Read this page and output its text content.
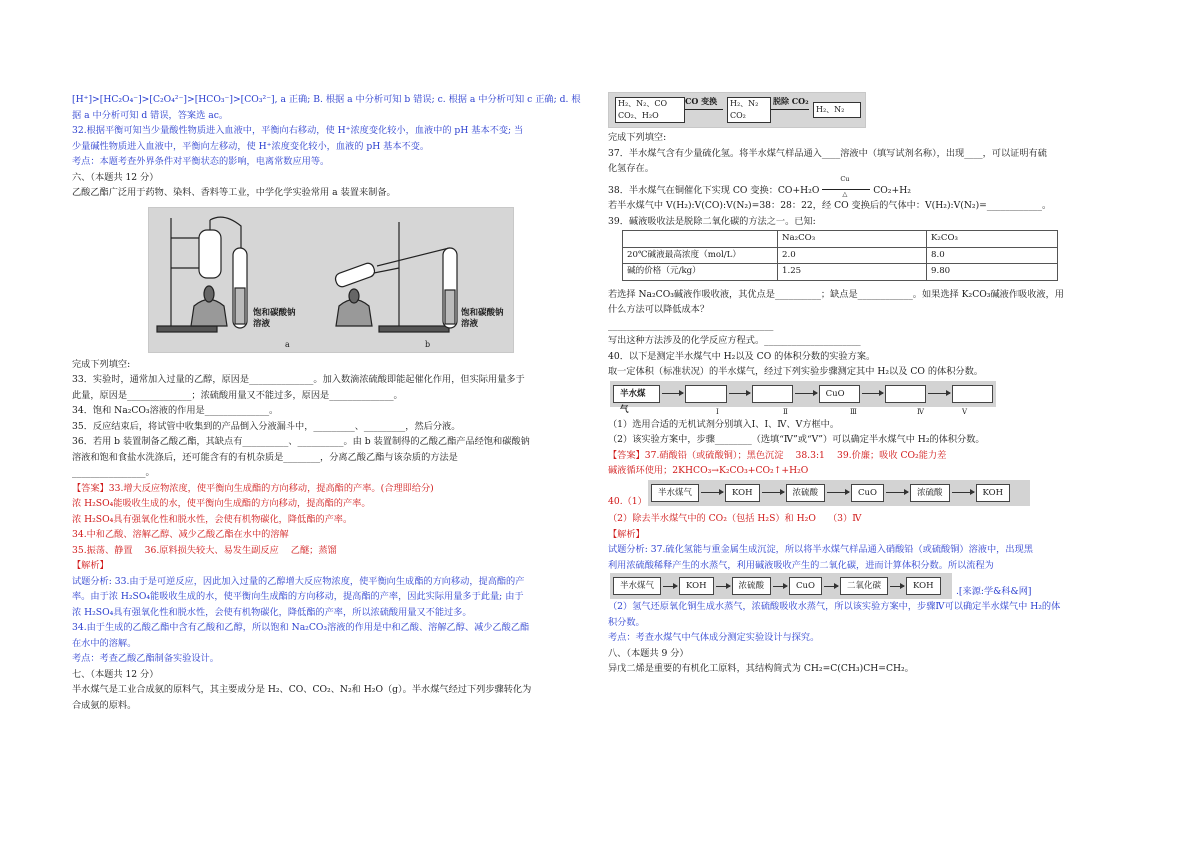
[H⁺]>[HC₂O₄⁻]>[C₂O₄²⁻]>[HCO₃⁻]>[CO₃²⁻], a 正确; B. 根据 a 中分析可知 b 错误; c. 根据 a 中分析可知 c 正确; d. 根

据 a 中分析可知 d 错误，答案选 ac。

32.根据平衡可知当少量酸性物质进入血液中，平衡向右移动，使 H⁺浓度变化较小，血液中的 pH 基本不变; 当

少量碱性物质进入血液中，平衡向左移动，使 H⁺浓度变化较小，血液的 pH 基本不变。

考点：本题考查外界条件对平衡状态的影响，电离常数应用等。

六、（本题共 12 分）

乙酸乙酯广泛用于药物、染料、香料等工业，中学化学实验常用 a 装置来制备。

饱和碳酸钠溶液
饱和碳酸钠溶液
a	b

完成下列填空:

33．实验时，通常加入过量的乙醇，原因是______________。加入数滴浓硫酸即能起催化作用，但实际用量多于

此量，原因是______________；浓硫酸用量又不能过多，原因是______________。

34．饱和 Na₂CO₃溶液的作用是______________。

35．反应结束后，将试管中收集到的产品倒入分液漏斗中，_________、_________，然后分液。

36．若用 b 装置制备乙酸乙酯，其缺点有__________、__________。由 b 装置制得的乙酸乙酯产品经饱和碳酸钠

溶液和饱和食盐水洗涤后，还可能含有的有机杂质是________，分离乙酸乙酯与该杂质的方法是

________________。

【答案】33.增大反应物浓度，使平衡向生成酯的方向移动，提高酯的产率。(合理即给分)

浓 H₂SO₄能吸收生成的水，使平衡向生成酯的方向移动，提高酯的产率。

浓 H₂SO₄具有强氧化性和脱水性，会使有机物碳化，降低酯的产率。

34.中和乙酸、溶解乙醇、减少乙酸乙酯在水中的溶解

35.振荡、静置　 36.原料损失较大、易发生副反应　 乙醚；蒸馏

【解析】

试题分析: 33.由于是可逆反应，因此加入过量的乙醇增大反应物浓度，使平衡向生成酯的方向移动，提高酯的产

率。由于浓 H₂SO₄能吸收生成的水，使平衡向生成酯的方向移动，提高酯的产率，因此实际用量多于此量; 由于

浓 H₂SO₄具有强氧化性和脱水性，会使有机物碳化，降低酯的产率，所以浓硫酸用量又不能过多。

34.由于生成的乙酸乙酯中含有乙酸和乙醇，所以饱和 Na₂CO₃溶液的作用是中和乙酸、溶解乙醇、减少乙酸乙酯

在水中的溶解。

考点：考查乙酸乙酯制备实验设计。

七、（本题共 12 分）

半水煤气是工业合成氨的原料气，其主要成分是 H₂、CO、CO₂、N₂和 H₂O（g）。半水煤气经过下列步骤转化为

合成氨的原料。

H₂、N₂、CO
CO₂、H₂O
CO 变换 H₂、N₂
CO₂
脱除 CO₂
H₂、N₂

完成下列填空:

37．半水煤气含有少量硫化氢。将半水煤气样品通入____溶液中（填写试剂名称），出现____，可以证明有硫

化氢存在。

38．半水煤气在铜催化下实现 CO 变换：CO+H₂O
Cu
△	CO₂+H₂

若半水煤气中 V(H₂):V(CO):V(N₂)=38：28：22，经 CO 变换后的气体中：V(H₂):V(N₂)=____________。

39．碱液吸收法是脱除二氧化碳的方法之一。已知:

	Na₂CO₃	K₂CO₃
20℃碱液最高浓度（mol/L）	2.0	8.0
碱的价格（元/kg）	1.25	9.80

若选择 Na₂CO₃碱液作吸收液，其优点是__________；缺点是____________。如果选择 K₂CO₃碱液作吸收液，用

什么方法可以降低成本？

____________________________________

写出这种方法涉及的化学反应方程式。_____________________

40．以下是测定半水煤气中 H₂以及 CO 的体积分数的实验方案。

取一定体积（标准状况）的半水煤气，经过下列实验步骤测定其中 H₂以及 CO 的体积分数。

半水煤气
CuO
Ⅰ	Ⅱ	Ⅲ	Ⅳ	Ⅴ

（1）选用合适的无机试剂分别填入Ⅰ、Ⅰ、Ⅳ、Ⅴ方框中。

（2）该实验方案中，步骤________（选填“Ⅳ”或“Ⅴ”）可以确定半水煤气中 H₂的体积分数。

【答案】37.硝酸铅（或硫酸铜）；黑色沉淀　 38.3:1　 39.价廉；吸收 CO₂能力差

碱液循环使用；2KHCO₃→K₂CO₃+CO₂↑+H₂O

半水煤气	KOH	浓硫酸	CuO	浓硫酸	KOH

40.（1）

（2）除去半水煤气中的 CO₂（包括 H₂S）和 H₂O　 （3）Ⅳ

【解析】

试题分析: 37.硫化氢能与重金属生成沉淀，所以将半水煤气样品通入硝酸铅（或硫酸铜）溶液中，出现黑

利用浓硫酸稀释产生的水蒸气，利用碱液吸收产生的二氧化碳，进而计算体积分数。所以流程为

半水煤气	KOH	浓硫酸	CuO	二氧化碳	KOH	.[来源:学&科&网]

（2）氢气还原氧化铜生成水蒸气，浓硫酸吸收水蒸气，所以该实验方案中，步骤Ⅳ可以确定半水煤气中 H₂的体

积分数。

考点：考查水煤气中气体成分测定实验设计与探究。

八、（本题共 9 分）

异戊二烯是重要的有机化工原料，其结构简式为 CH₂=C(CH₃)CH=CH₂。
